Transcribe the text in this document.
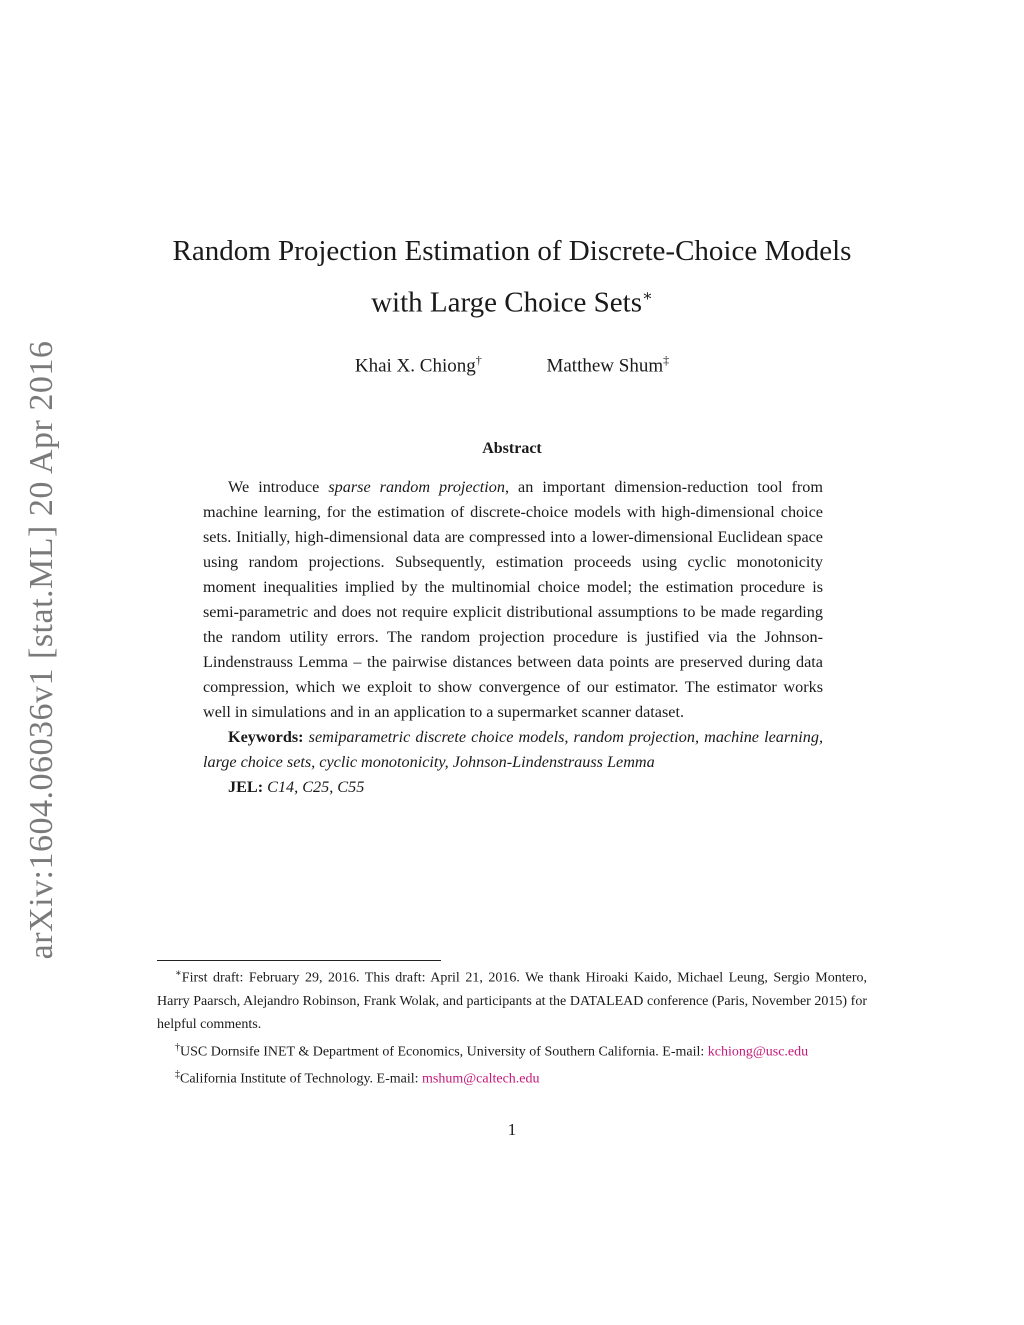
arXiv:1604.06036v1 [stat.ML] 20 Apr 2016
Random Projection Estimation of Discrete-Choice Models
with Large Choice Sets∗
Khai X. Chiong†	Matthew Shum‡
Abstract

We introduce sparse random projection, an important dimension-reduction tool from machine learning, for the estimation of discrete-choice models with high-dimensional choice sets. Initially, high-dimensional data are compressed into a lower-dimensional Euclidean space using random projections. Subsequently, estimation proceeds using cyclic monotonicity moment inequalities implied by the multinomial choice model; the estimation procedure is semi-parametric and does not require explicit distributional assumptions to be made regarding the random utility errors. The random projection procedure is justified via the Johnson-Lindenstrauss Lemma – the pairwise distances between data points are preserved during data compression, which we exploit to show convergence of our estimator. The estimator works well in simulations and in an application to a supermarket scanner dataset.

Keywords: semiparametric discrete choice models, random projection, machine learning, large choice sets, cyclic monotonicity, Johnson-Lindenstrauss Lemma

JEL: C14, C25, C55

∗First draft: February 29, 2016. This draft: April 21, 2016. We thank Hiroaki Kaido, Michael Leung, Sergio Montero, Harry Paarsch, Alejandro Robinson, Frank Wolak, and participants at the DATALEAD conference (Paris, November 2015) for helpful comments.

†USC Dornsife INET & Department of Economics, University of Southern California. E-mail: kchiong@usc.edu

‡California Institute of Technology. E-mail: mshum@caltech.edu

1
